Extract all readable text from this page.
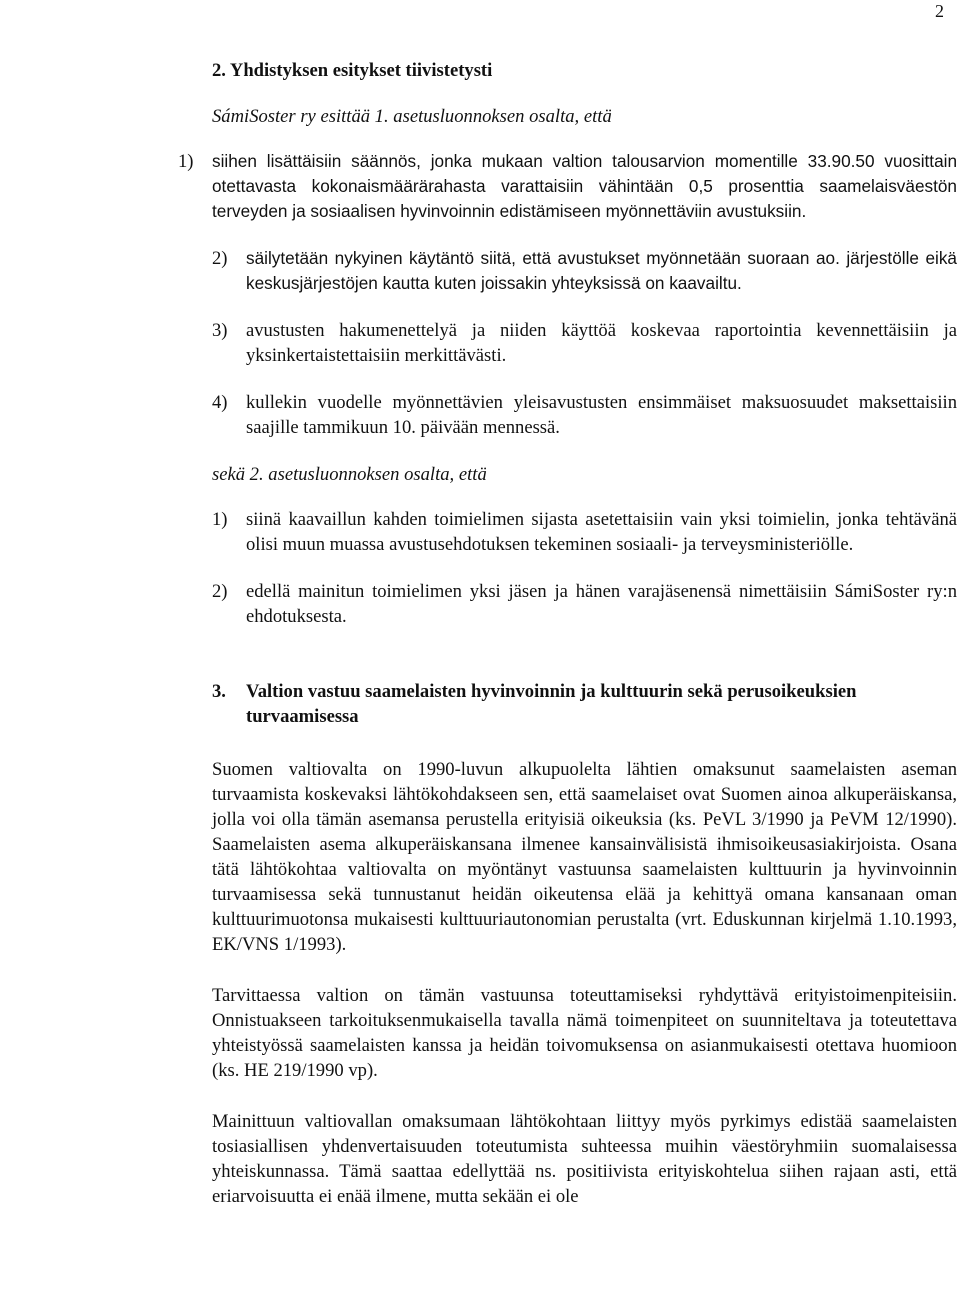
2

2. Yhdistyksen esitykset tiivistetysti

SámiSoster ry esittää 1. asetusluonnoksen osalta, että

1)	siihen lisättäisiin säännös, jonka mukaan valtion talousarvion momentille 33.90.50 vuosittain otettavasta kokonaismäärärahasta varattaisiin vähintään 0,5 prosenttia saamelaisväestön terveyden ja sosiaalisen hyvinvoinnin edistämiseen myönnettäviin avustuksiin.
2)	säilytetään nykyinen käytäntö siitä, että avustukset myönnetään suoraan ao. järjestölle eikä keskusjärjestöjen kautta kuten joissakin yhteyksissä on kaavailtu.
3) avustusten hakumenettelyä ja niiden käyttöä koskevaa raportointia kevennettäisiin ja yksinkertaistettaisiin merkittävästi.
4) kullekin vuodelle myönnettävien yleisavustusten ensimmäiset maksuosuudet maksettaisiin saajille tammikuun 10. päivään mennessä.

sekä 2. asetusluonnoksen osalta, että

1) siinä kaavaillun kahden toimielimen sijasta asetettaisiin vain yksi toimielin, jonka tehtävänä olisi muun muassa avustusehdotuksen tekeminen sosiaali- ja terveysministeriölle.
2) edellä mainitun toimielimen yksi jäsen ja hänen varajäsenensä nimettäisiin SámiSoster ry:n ehdotuksesta.
3.	Valtion vastuu saamelaisten hyvinvoinnin ja kulttuurin sekä perusoikeuksien turvaamisessa

Suomen valtiovalta on 1990-luvun alkupuolelta lähtien omaksunut saamelaisten aseman turvaamista koskevaksi lähtökohdakseen sen, että saamelaiset ovat Suomen ainoa alkuperäiskansa, jolla voi olla tämän asemansa perustella erityisiä oikeuksia (ks. PeVL 3/1990 ja PeVM 12/1990). Saamelaisten asema alkuperäiskansana ilmenee kansainvälisistä ihmisoikeusasiakirjoista. Osana tätä lähtökohtaa valtiovalta on myöntänyt vastuunsa saamelaisten kulttuurin ja hyvinvoinnin turvaamisessa sekä tunnustanut heidän oikeutensa elää ja kehittyä omana kansanaan oman kulttuurimuotonsa mukaisesti kulttuuriautonomian perustalta (vrt. Eduskunnan kirjelmä 1.10.1993, EK/VNS 1/1993).

Tarvittaessa valtion on tämän vastuunsa toteuttamiseksi ryhdyttävä erityistoimenpiteisiin. Onnistuakseen tarkoituksenmukaisella tavalla nämä toimenpiteet on suunniteltava ja toteutettava yhteistyössä saamelaisten kanssa ja heidän toivomuksensa on asianmukaisesti otettava huomioon (ks. HE 219/1990 vp).

Mainittuun valtiovallan omaksumaan lähtökohtaan liittyy myös pyrkimys edistää saamelaisten tosiasiallisen yhdenvertaisuuden toteutumista suhteessa muihin väestöryhmiin suomalaisessa yhteiskunnassa. Tämä saattaa edellyttää ns. positiivista erityiskohtelua siihen rajaan asti, että eriarvoisuutta ei enää ilmene, mutta sekään ei ole
